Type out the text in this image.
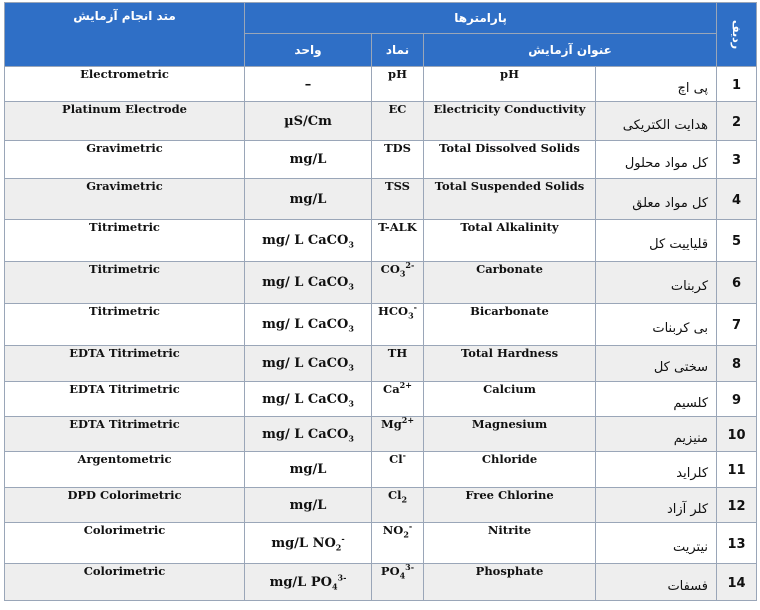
متد انجام آزمایش	پارامترها				ردیف
	واحد	نماد	عنوان آزمایش		
Electrometric	–	pH	pH	پی اچ	1
Platinum Electrode	µS/Cm	EC	Electricity Conductivity	هدایت الکتریکی	2
Gravimetric	mg/L	TDS	Total Dissolved Solids	کل مواد محلول	3
Gravimetric	mg/L	TSS	Total Suspended Solids	کل مواد معلق	4
Titrimetric	mg/ L CaCO$_3$	T-ALK	Total Alkalinity	قلیاییت کل	5
Titrimetric	mg/ L CaCO$_3$	$CO_3^{2-}$	Carbonate	کربنات	6
Titrimetric	mg/ L CaCO$_3$	$HCO_3^-$	Bicarbonate	بی کربنات	7
EDTA Titrimetric	mg/ L CaCO$_3$	TH	Total Hardness	سختی کل	8
EDTA Titrimetric	mg/ L CaCO$_3$	$Ca^{2+}$	Calcium	کلسیم	9
EDTA Titrimetric	mg/ L CaCO$_3$	$Mg^{2+}$	Magnesium	منیزیم	10
Argentometric	mg/L	Cl-	Chloride	کلراید	11
DPD Colorimetric	mg/L	$Cl_2$	Free Chlorine	کلر آزاد	12
Colorimetric	mg/L $NO_2^-$	$NO_2^-$	Nitrite	نیتریت	13
Colorimetric	mg/L $PO_4^{3-}$	$PO_4^{3-}$	Phosphate	فسفات	14
